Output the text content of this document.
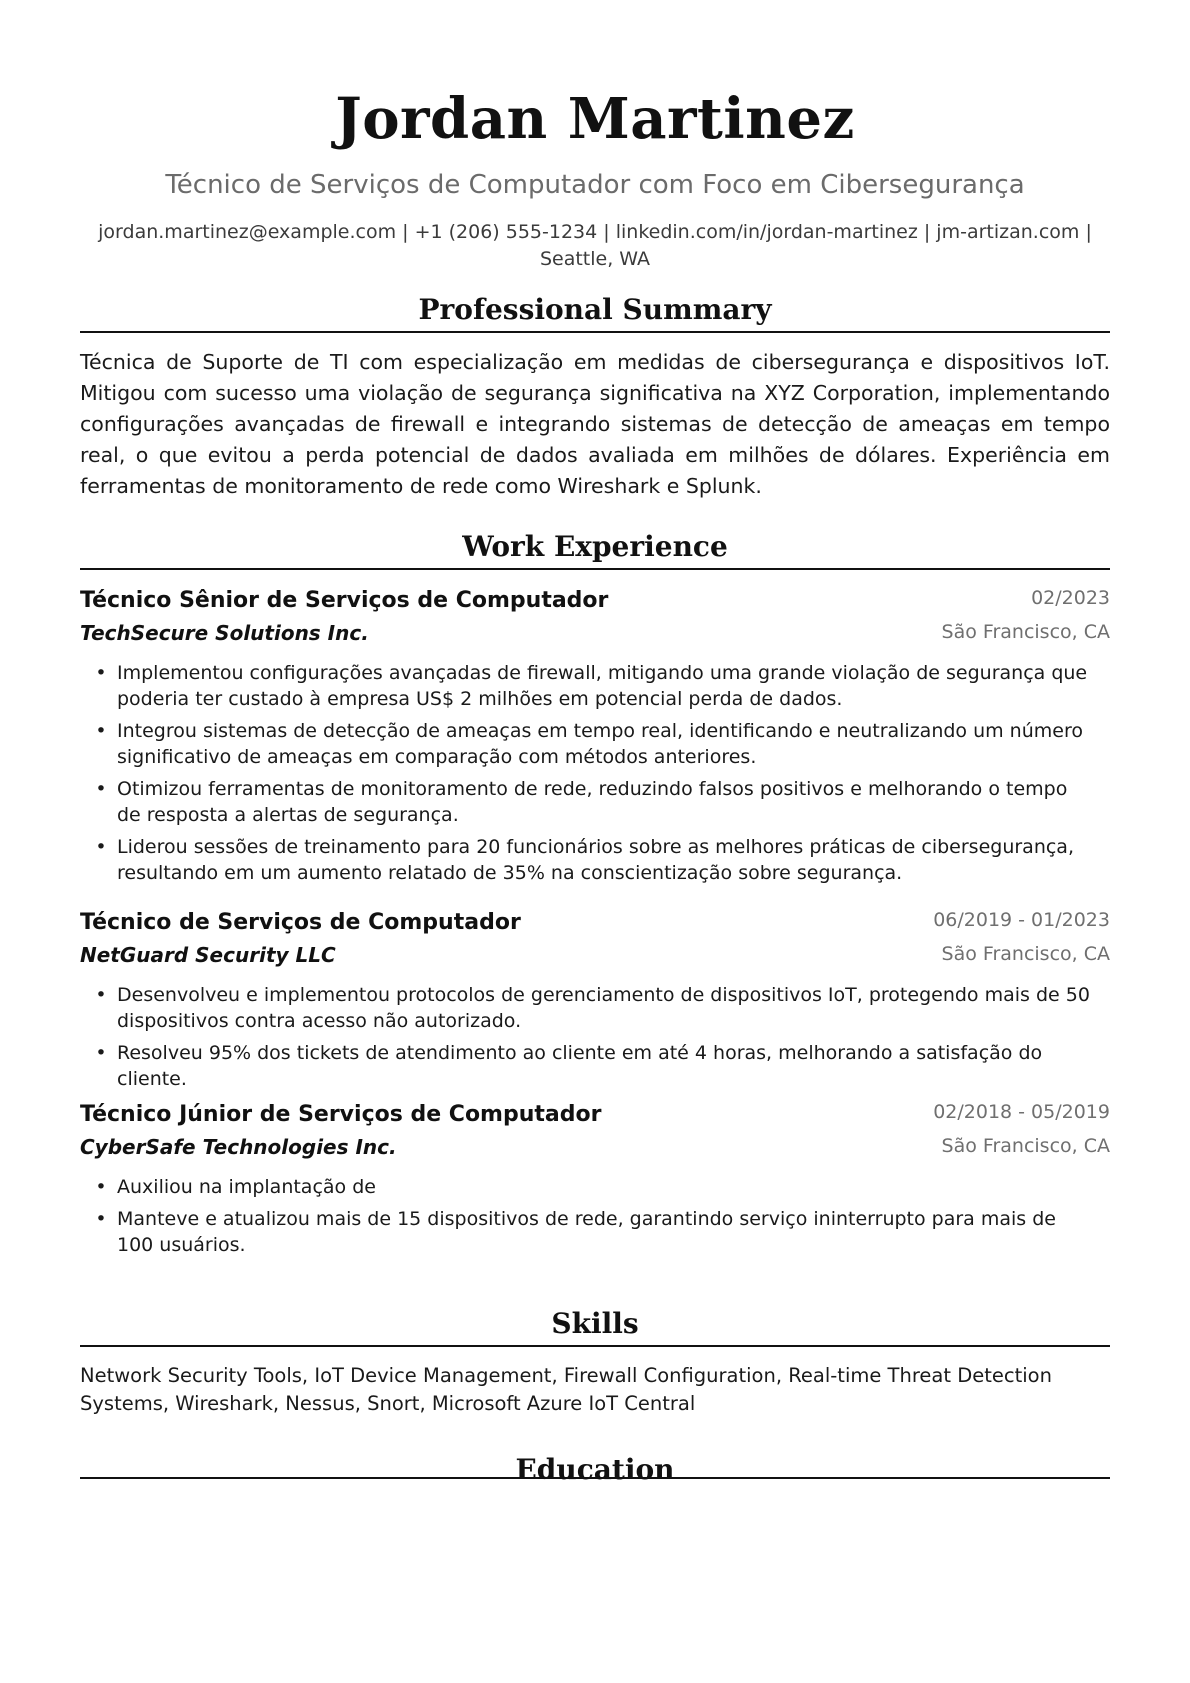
Jordan Martinez
Técnico de Serviços de Computador com Foco em Cibersegurança
jordan.martinez@example.com | +1 (206) 555-1234 | linkedin.com/in/jordan-martinez | jm-artizan.com |
Seattle, WA
Professional Summary
Técnica de Suporte de TI com especialização em medidas de cibersegurança e dispositivos IoT. Mitigou com sucesso uma violação de segurança significativa na XYZ Corporation, implementando configurações avançadas de firewall e integrando sistemas de detecção de ameaças em tempo real, o que evitou a perda potencial de dados avaliada em milhões de dólares. Experiência em ferramentas de monitoramento de rede como Wireshark e Splunk.
Work Experience
Técnico Sênior de Serviços de Computador	02/2023
TechSecure Solutions Inc.	São Francisco, CA
• Implementou configurações avançadas de firewall, mitigando uma grande violação de segurança que poderia ter custado à empresa US$ 2 milhões em potencial perda de dados.
• Integrou sistemas de detecção de ameaças em tempo real, identificando e neutralizando um número significativo de ameaças em comparação com métodos anteriores.
• Otimizou ferramentas de monitoramento de rede, reduzindo falsos positivos e melhorando o tempo de resposta a alertas de segurança.
• Liderou sessões de treinamento para 20 funcionários sobre as melhores práticas de cibersegurança, resultando em um aumento relatado de 35% na conscientização sobre segurança.
Técnico de Serviços de Computador	06/2019 - 01/2023
NetGuard Security LLC	São Francisco, CA
• Desenvolveu e implementou protocolos de gerenciamento de dispositivos IoT, protegendo mais de 50 dispositivos contra acesso não autorizado.
• Resolveu 95% dos tickets de atendimento ao cliente em até 4 horas, melhorando a satisfação do cliente.
Técnico Júnior de Serviços de Computador	02/2018 - 05/2019
CyberSafe Technologies Inc.	São Francisco, CA
• Auxiliou na implantação de
• Manteve e atualizou mais de 15 dispositivos de rede, garantindo serviço ininterrupto para mais de 100 usuários.
Skills
Network Security Tools, IoT Device Management, Firewall Configuration, Real-time Threat Detection Systems, Wireshark, Nessus, Snort, Microsoft Azure IoT Central
Education
